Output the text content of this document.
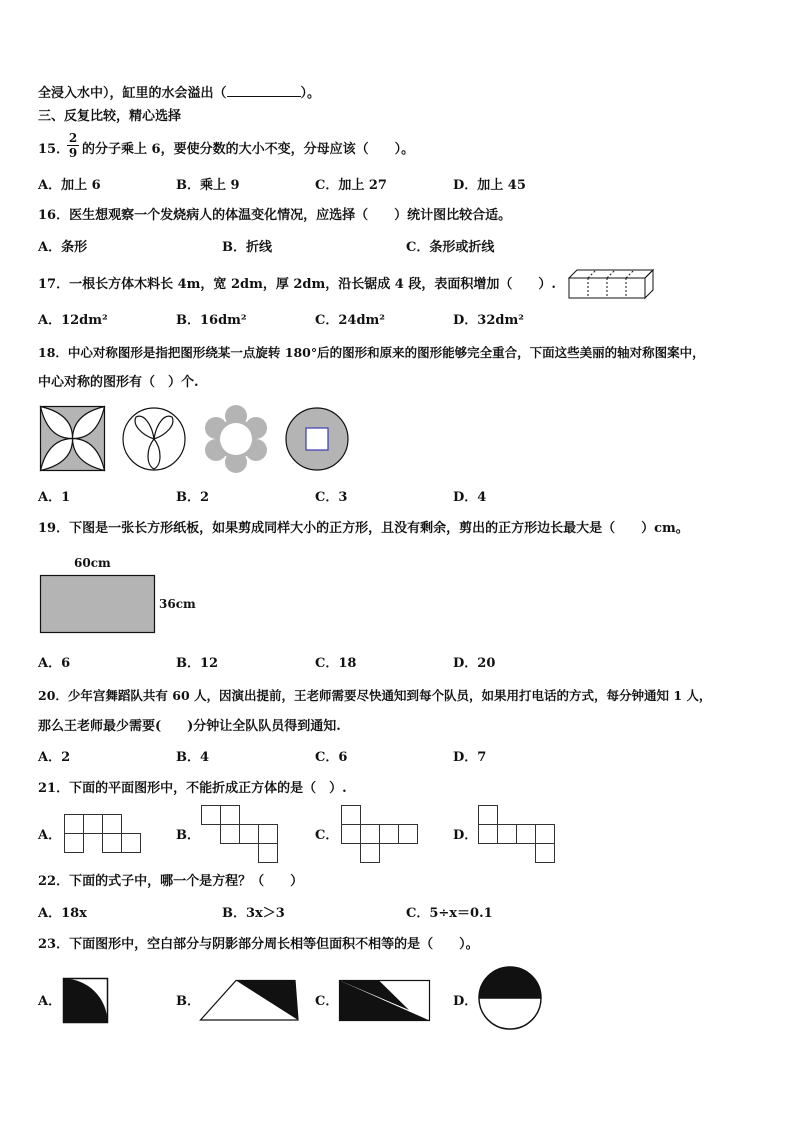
全浸入水中），缸里的水会溢出（	）。
三、反复比较，精心选择
15．
2
9 的分子乘上 6，要使分数的大小不变，分母应该（　　）。
A．加上 6	B．乘上 9	C．加上 27	D．加上 45
16．医生想观察一个发烧病人的体温变化情况，应选择（　　）统计图比较合适。
A．条形	B．折线	C．条形或折线
17．一根长方体木料长 4m，宽 2dm，厚 2dm，沿长锯成 4 段，表面积增加（　　）.
A．12dm²	B．16dm²	C．24dm²	D．32dm²
18．中心对称图形是指把图形绕某一点旋转 180°后的图形和原来的图形能够完全重合，下面这些美丽的轴对称图案中，
中心对称的图形有（　）个.
A．1	B．2	C．3	D．4
19．下图是一张长方形纸板，如果剪成同样大小的正方形，且没有剩余，剪出的正方形边长最大是（　　）cm。
60cm
36cm
A．6	B．12	C．18	D．20
20．少年宫舞蹈队共有 60 人，因演出提前，王老师需要尽快通知到每个队员，如果用打电话的方式，每分钟通知 1 人，
那么王老师最少需要(　　)分钟让全队队员得到通知.
A．2	B．4	C．6	D．7
21．下面的平面图形中，不能折成正方体的是（　）.
A．	B．	C．	D．
22．下面的式子中，哪一个是方程？（　　）
A．18x	B．3x＞3	C．5÷x＝0.1
23．下面图形中，空白部分与阴影部分周长相等但面积不相等的是（　　）。
A．	B．	C．	D．
